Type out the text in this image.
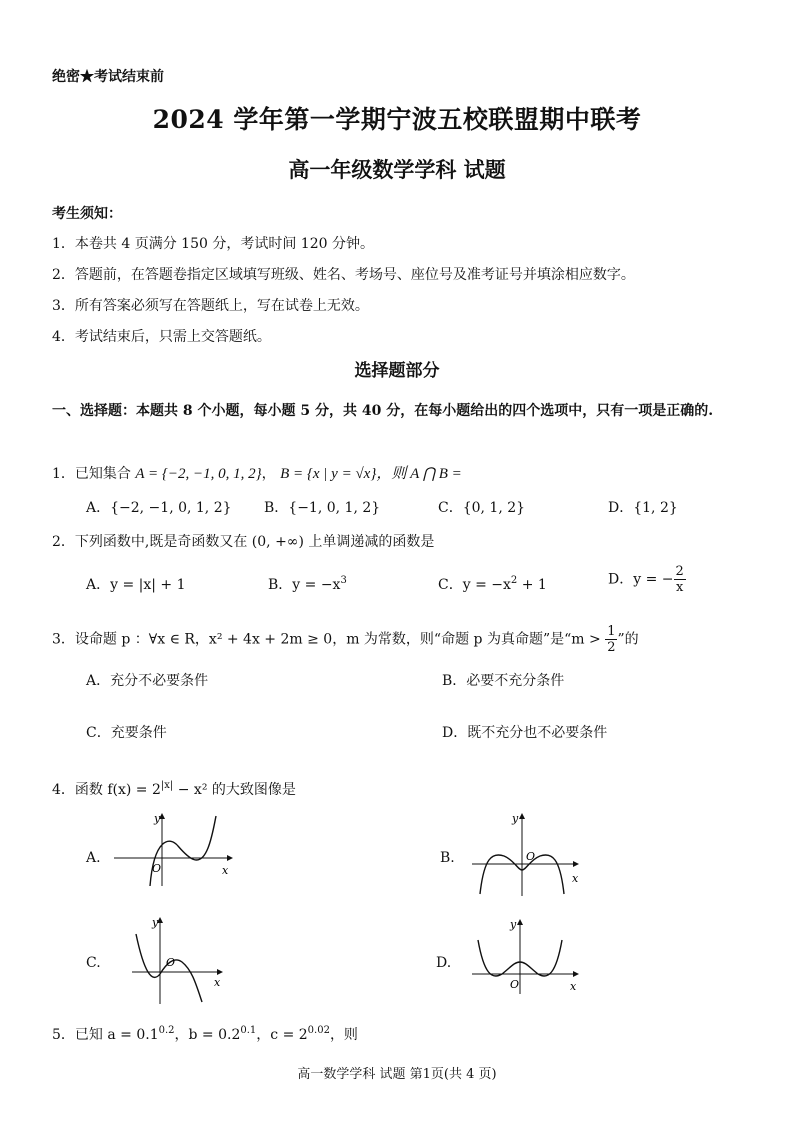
绝密★考试结束前
2024 学年第一学期宁波五校联盟期中联考
高一年级数学学科 试题
考生须知：
1．本卷共 4 页满分 150 分，考试时间 120 分钟。
2．答题前，在答题卷指定区域填写班级、姓名、考场号、座位号及准考证号并填涂相应数字。
3．所有答案必须写在答题纸上，写在试卷上无效。
4．考试结束后，只需上交答题纸。
选择题部分
一、选择题：本题共 8 个小题，每小题 5 分，共 40 分，在每小题给出的四个选项中，只有一项是正确的.
1．已知集合 A = {−2, −1, 0, 1, 2}， B = {x | y = √x}，则 A ⋂ B =
A．{−2, −1, 0, 1, 2} B．{−1, 0, 1, 2}	C．{0, 1, 2}	D．{1, 2}
2．下列函数中,既是奇函数又在 (0, +∞) 上单调递减的函数是
A．y = |x| + 1	B．$y = -x^3$	C．$y = -x^2 + 1$	D．y = − $\frac{2}{x}$
3．设命题 p ：∀x ∈ R，x² + 4x + 2m ≥ 0，m 为常数，则“命题 p 为真命题”是“$m > \frac{1}{2}$ ”的
A．充分不必要条件	B．必要不充分条件
C．充要条件	D．既不充分也不必要条件
4．函数 $f(x) = 2^{|x|} - x^2$ 的大致图像是
A.
y
x
O
B.
y
x
O
C.
y
x
O	D.
y
x
O
5．已知 $a = 0.1^{0.2}$，$b = 0.2^{0.1}$，$c = 2^{0.02}$，则
高一数学学科 试题 第1页(共 4 页)
